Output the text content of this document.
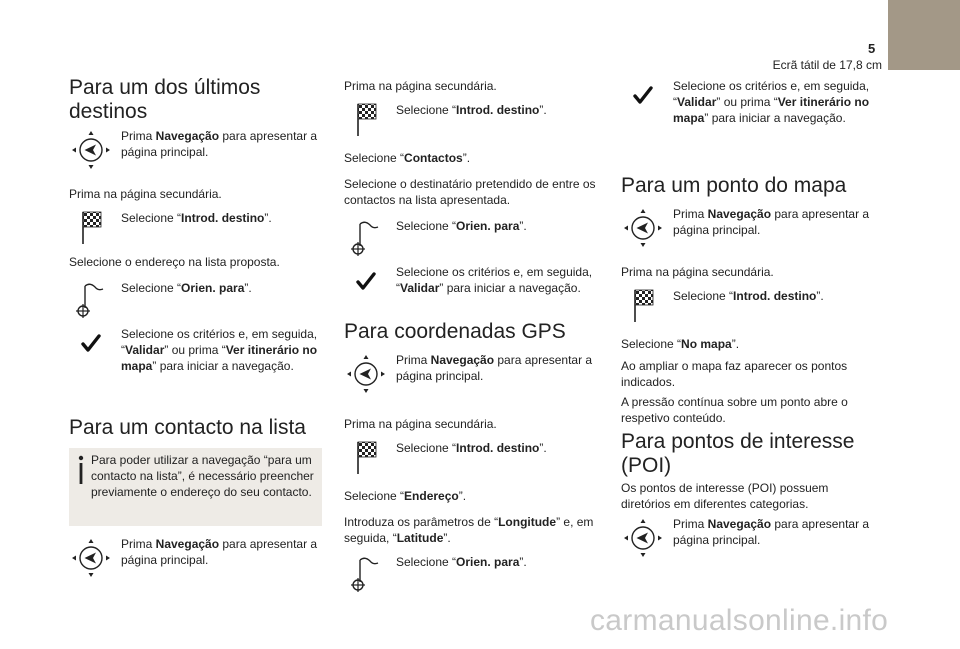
5
Ecrã tátil de 17,8 cm
Para um dos últimos destinos
Prima Navegação para apresentar a página principal.

Prima na página secundária.

Selecione “Introd. destino”.

Selecione o endereço na lista proposta.

Selecione “Orien. para”.
Selecione os critérios e, em seguida, “Validar” ou prima “Ver itinerário no mapa” para iniciar a navegação.
Para um contacto na lista
Para poder utilizar a navegação “para um contacto na lista”, é necessário preencher previamente o endereço do seu contacto.
Prima Navegação para apresentar a página principal.

Prima na página secundária.

Selecione “Introd. destino”.

Selecione “Contactos”.

Selecione o destinatário pretendido de entre os contactos na lista apresentada.

Selecione “Orien. para”.
Selecione os critérios e, em seguida, “Validar” para iniciar a navegação.
Para coordenadas GPS
Prima Navegação para apresentar a página principal.

Prima na página secundária.

Selecione “Introd. destino”.

Selecione “Endereço”.

Introduza os parâmetros de “Longitude” e, em seguida, “Latitude”.

Selecione “Orien. para”.
Selecione os critérios e, em seguida, “Validar” ou prima “Ver itinerário no mapa” para iniciar a navegação.
Para um ponto do mapa
Prima Navegação para apresentar a página principal.

Prima na página secundária.

Selecione “Introd. destino”.

Selecione “No mapa”.

Ao ampliar o mapa faz aparecer os pontos indicados.

A pressão contínua sobre um ponto abre o respetivo conteúdo.

Para pontos de interesse (POI)

Os pontos de interesse (POI) possuem diretórios em diferentes categorias.

Prima Navegação para apresentar a página principal.
carmanualsonline.info
